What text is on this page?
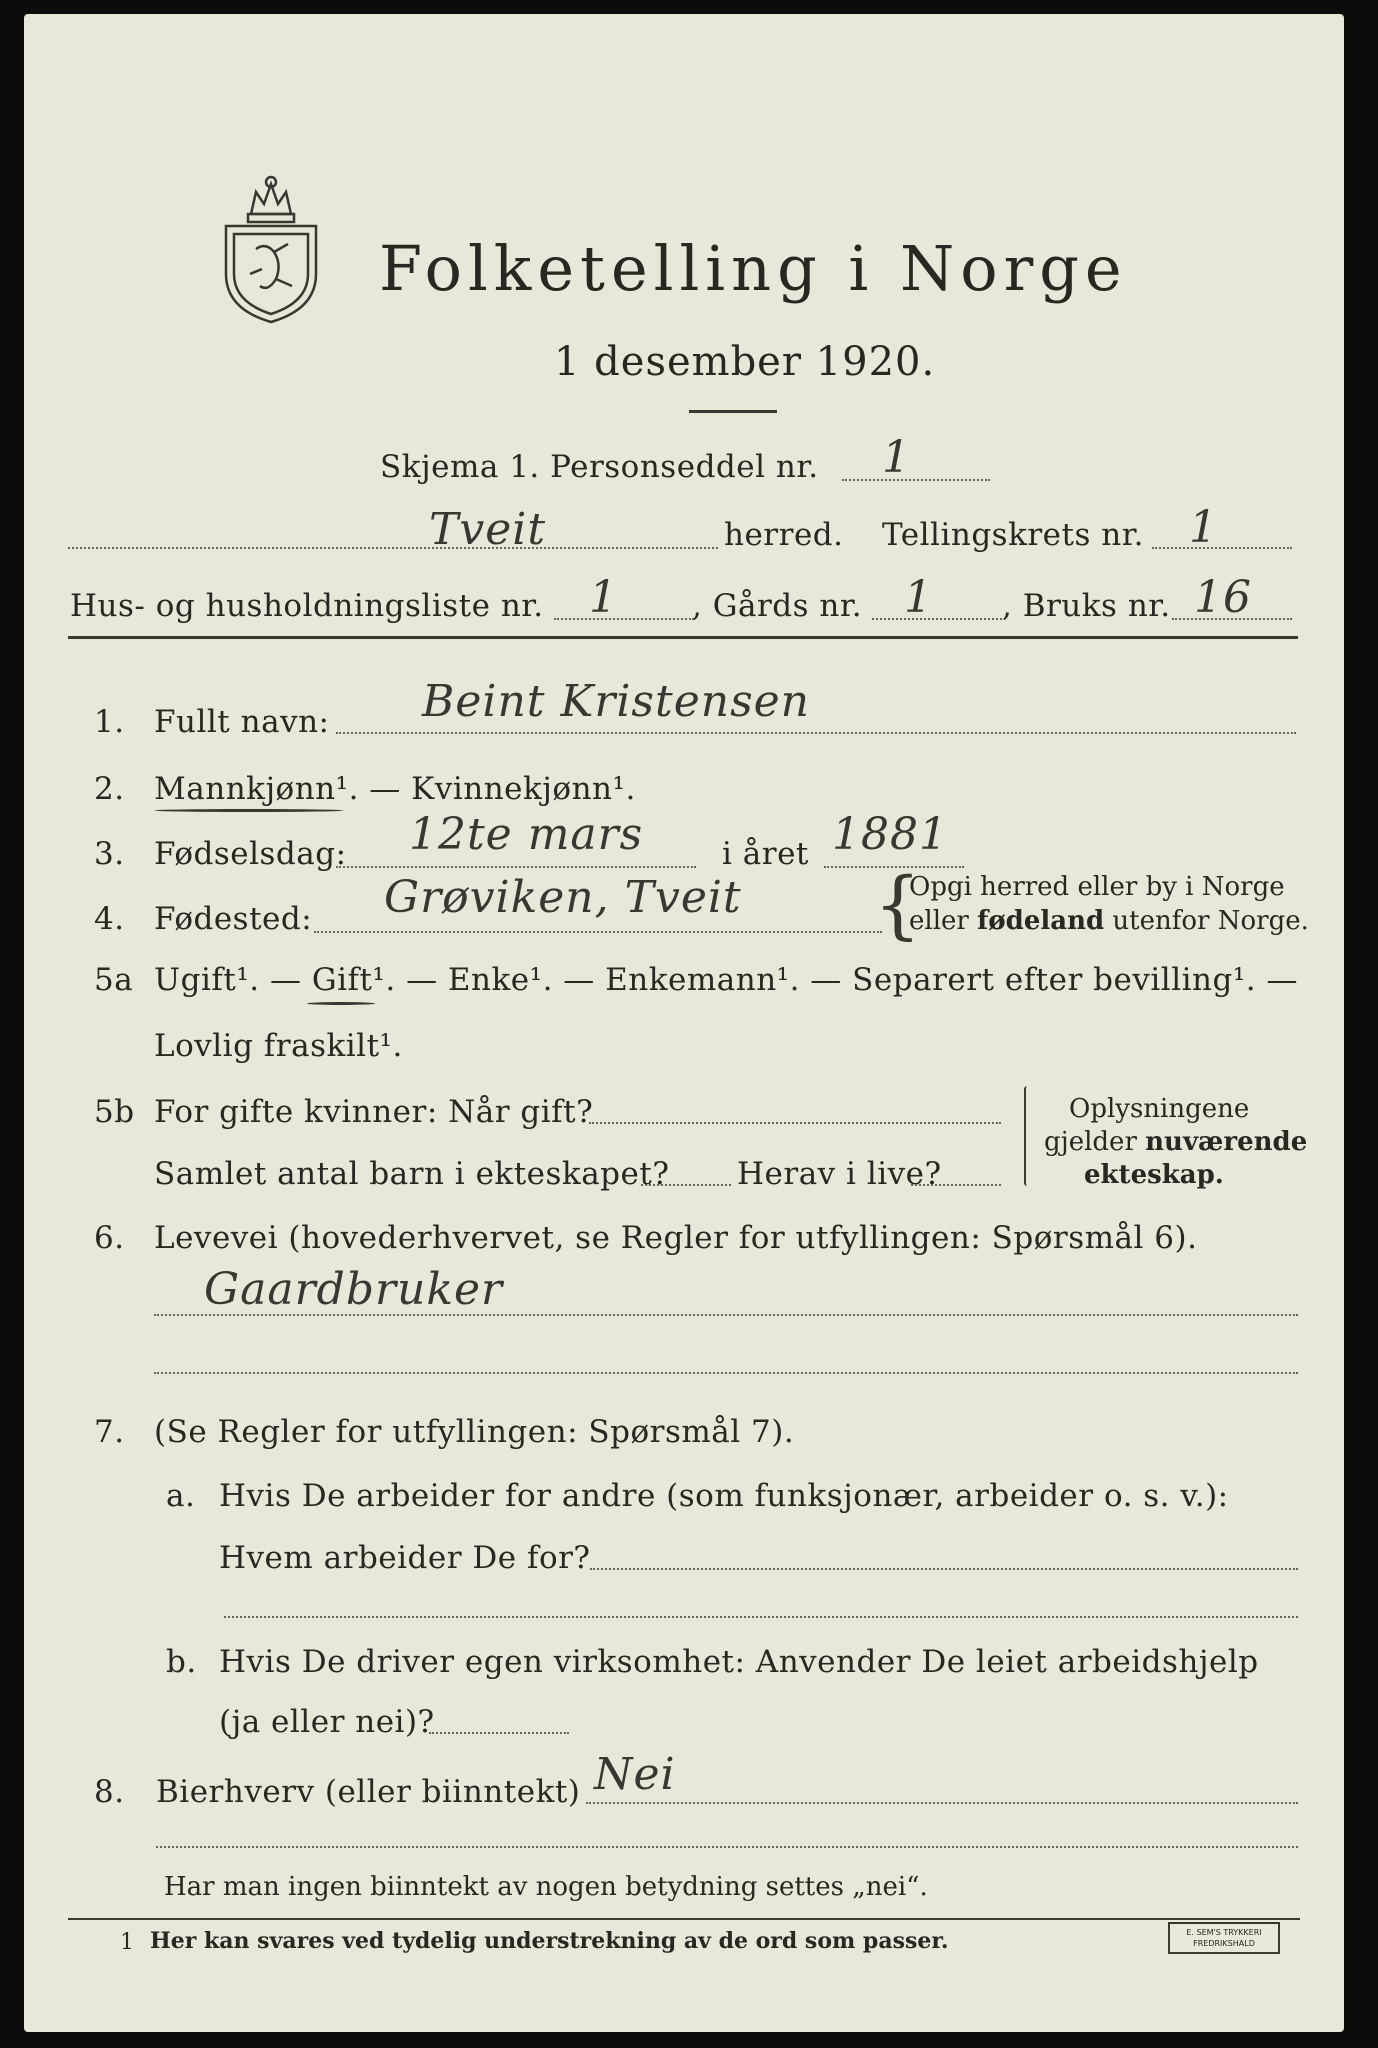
Folketelling i Norge
1 desember 1920.
Skjema 1. Personseddel nr. 1
Tveit	herred. Tellingskrets nr. 1
Hus- og husholdningsliste nr. 1 , Gårds nr. 1 , Bruks nr. 16
1. Fullt navn: Beint Kristensen
2. Mannkjønn¹. — Kvinnekjønn¹.
3. Fødselsdag: 12te mars	i året 1881
4. Fødested: Grøviken, Tveit {
Opgi herred eller by i Norge
eller fødeland utenfor Norge.
5a Ugift¹. — Gift¹. — Enke¹. — Enkemann¹. — Separert efter bevilling¹. —
Lovlig fraskilt¹.
5b For gifte kvinner: Når gift?
Samlet antal barn i ekteskapet? Herav i live?
Oplysningene
gjelder nuværende
ekteskap.
6. Levevei (hovederhvervet, se Regler for utfyllingen: Spørsmål 6).
Gaardbruker
7. (Se Regler for utfyllingen: Spørsmål 7).
a. Hvis De arbeider for andre (som funksjonær, arbeider o. s. v.):
Hvem arbeider De for?
b. Hvis De driver egen virksomhet: Anvender De leiet arbeidshjelp
(ja eller nei)?
8. Bierhverv (eller biinntekt) Nei
Har man ingen biinntekt av nogen betydning settes „nei“.
1 Her kan svares ved tydelig understrekning av de ord som passer.	E. SEM'S TRYKKERI
FREDRIKSHALD
